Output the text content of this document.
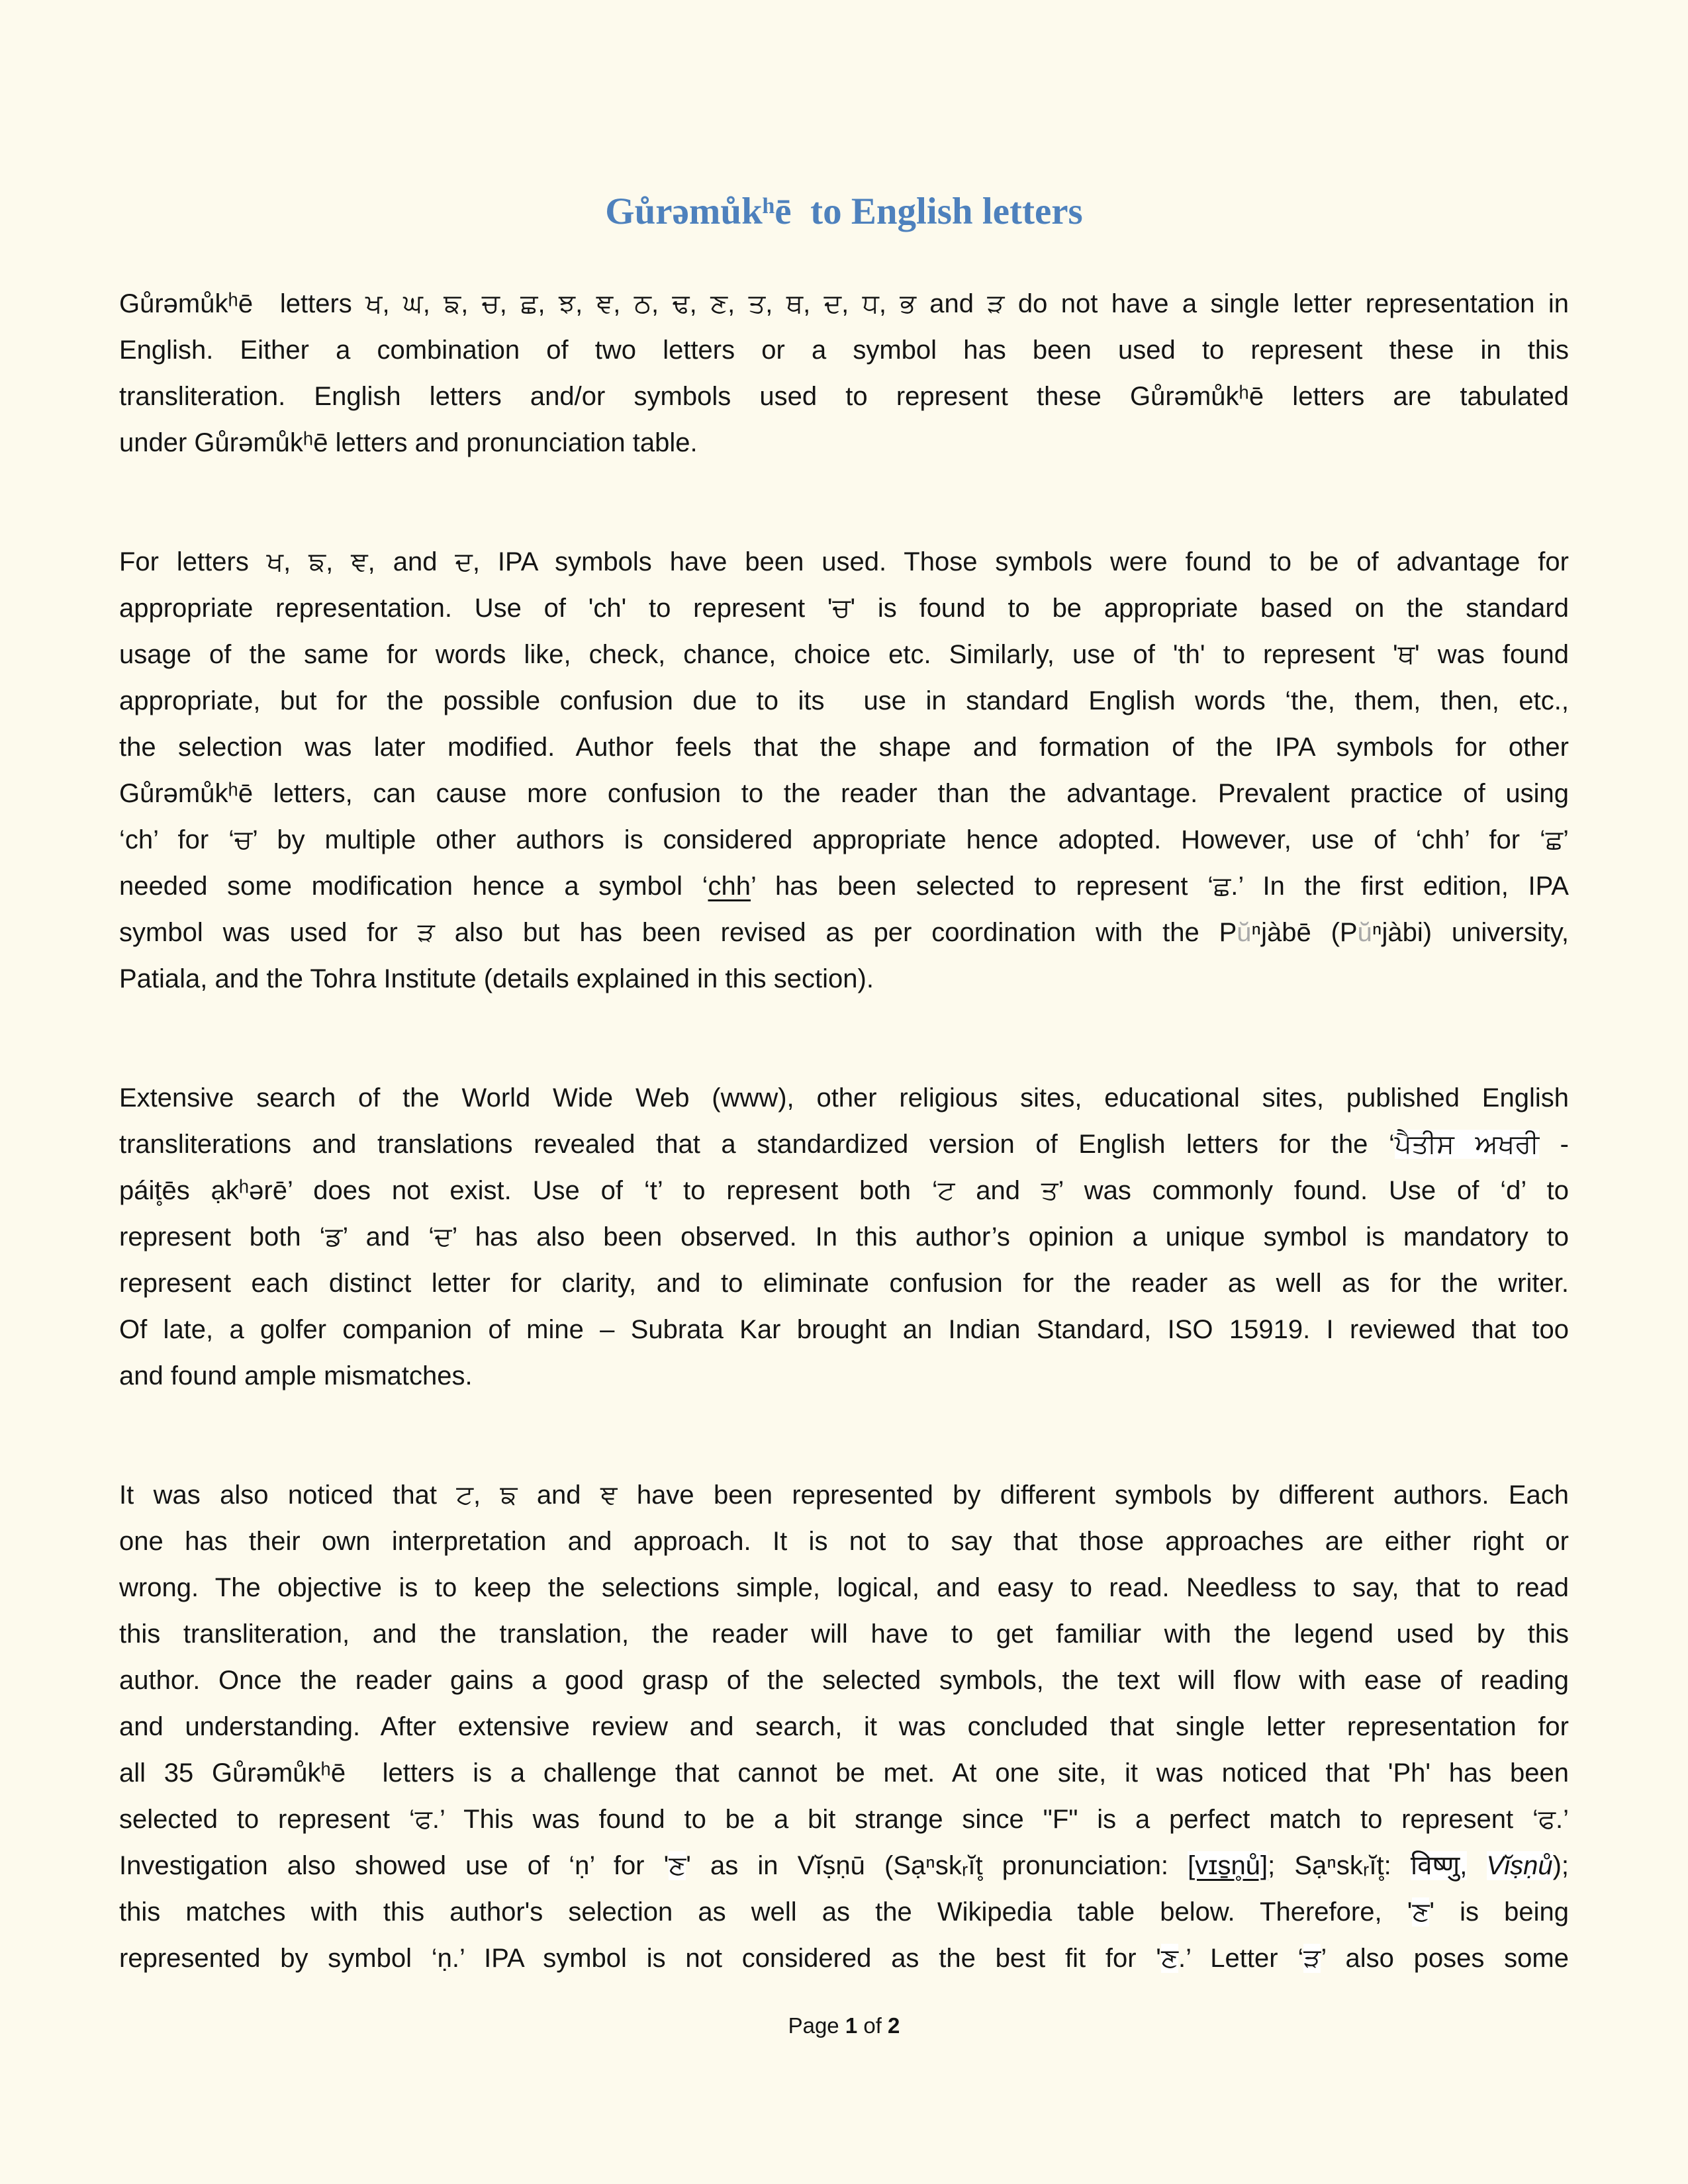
Gůrəmůkʰē  to English letters
Gůrəmůkʰē  letters ਖ, ਘ, ਙ, ਚ, ਛ, ਝ, ਞ, ਠ, ਢ, ਣ, ਤ, ਥ, ਦ, ਧ, ਭ and ੜ do not have a single letter representation in
English. Either a combination of two letters or a symbol has been used to represent these in this
transliteration. English letters and/or symbols used to represent these Gůrəmůkʰē letters are tabulated
under Gůrəmůkʰē letters and pronunciation table.
For letters ਖ, ਙ, ਞ, and ਦ, IPA symbols have been used. Those symbols were found to be of advantage for
appropriate representation. Use of 'ch' to represent 'ਚ' is found to be appropriate based on the standard
usage of the same for words like, check, chance, choice etc. Similarly, use of 'th' to represent 'ਥ' was found
appropriate, but for the possible confusion due to its  use in standard English words ‘the, them, then, etc.,
the selection was later modified. Author feels that the shape and formation of the IPA symbols for other
Gůrəmůkʰē letters, can cause more confusion to the reader than the advantage. Prevalent practice of using
‘ch’ for ‘ਚ’ by multiple other authors is considered appropriate hence adopted. However, use of ‘chh’ for ‘ਛ’
needed some modification hence a symbol ‘chh’ has been selected to represent ‘ਛ.’ In the first edition, IPA
symbol was used for ੜ also but has been revised as per coordination with the Pŭⁿjàbē (Pŭⁿjàbi) university,
Patiala, and the Tohra Institute (details explained in this section).
Extensive search of the World Wide Web (www), other religious sites, educational sites, published English
transliterations and translations revealed that a standardized version of English letters for the ‘ਪੈਤੀਸ ਅਖਰੀ -
páit̥ēs ạkʰərē’ does not exist. Use of ‘t’ to represent both ‘ਟ and ਤ’ was commonly found. Use of ‘d’ to
represent both ‘ਡ’ and ‘ਦ’ has also been observed. In this author’s opinion a unique symbol is mandatory to
represent each distinct letter for clarity, and to eliminate confusion for the reader as well as for the writer.
Of late, a golfer companion of mine – Subrata Kar brought an Indian Standard, ISO 15919. I reviewed that too
and found ample mismatches.
It was also noticed that ਟ, ਙ and ਞ have been represented by different symbols by different authors. Each
one has their own interpretation and approach. It is not to say that those approaches are either right or
wrong. The objective is to keep the selections simple, logical, and easy to read. Needless to say, that to read
this transliteration, and the translation, the reader will have to get familiar with the legend used by this
author. Once the reader gains a good grasp of the selected symbols, the text will flow with ease of reading
and understanding. After extensive review and search, it was concluded that single letter representation for
all 35 Gůrəmůkʰē  letters is a challenge that cannot be met. At one site, it was noticed that 'Ph' has been
selected to represent ‘ਫ.’ This was found to be a bit strange since "F" is a perfect match to represent ‘ਫ.’
Investigation also showed use of ‘ṇ’ for 'ਣ' as in Vĭṣṇū (Sạⁿskᵣĭt̥ pronunciation: [vɪs̱n̥ů]; Sạⁿskᵣĭt̥: विष्णु, Vĭṣṇů);
this matches with this author's selection as well as the Wikipedia table below. Therefore, 'ਣ' is being
represented by symbol ‘ṇ.’ IPA symbol is not considered as the best fit for 'ਣ.’ Letter ‘ੜ’ also poses some
Page 1 of 2
